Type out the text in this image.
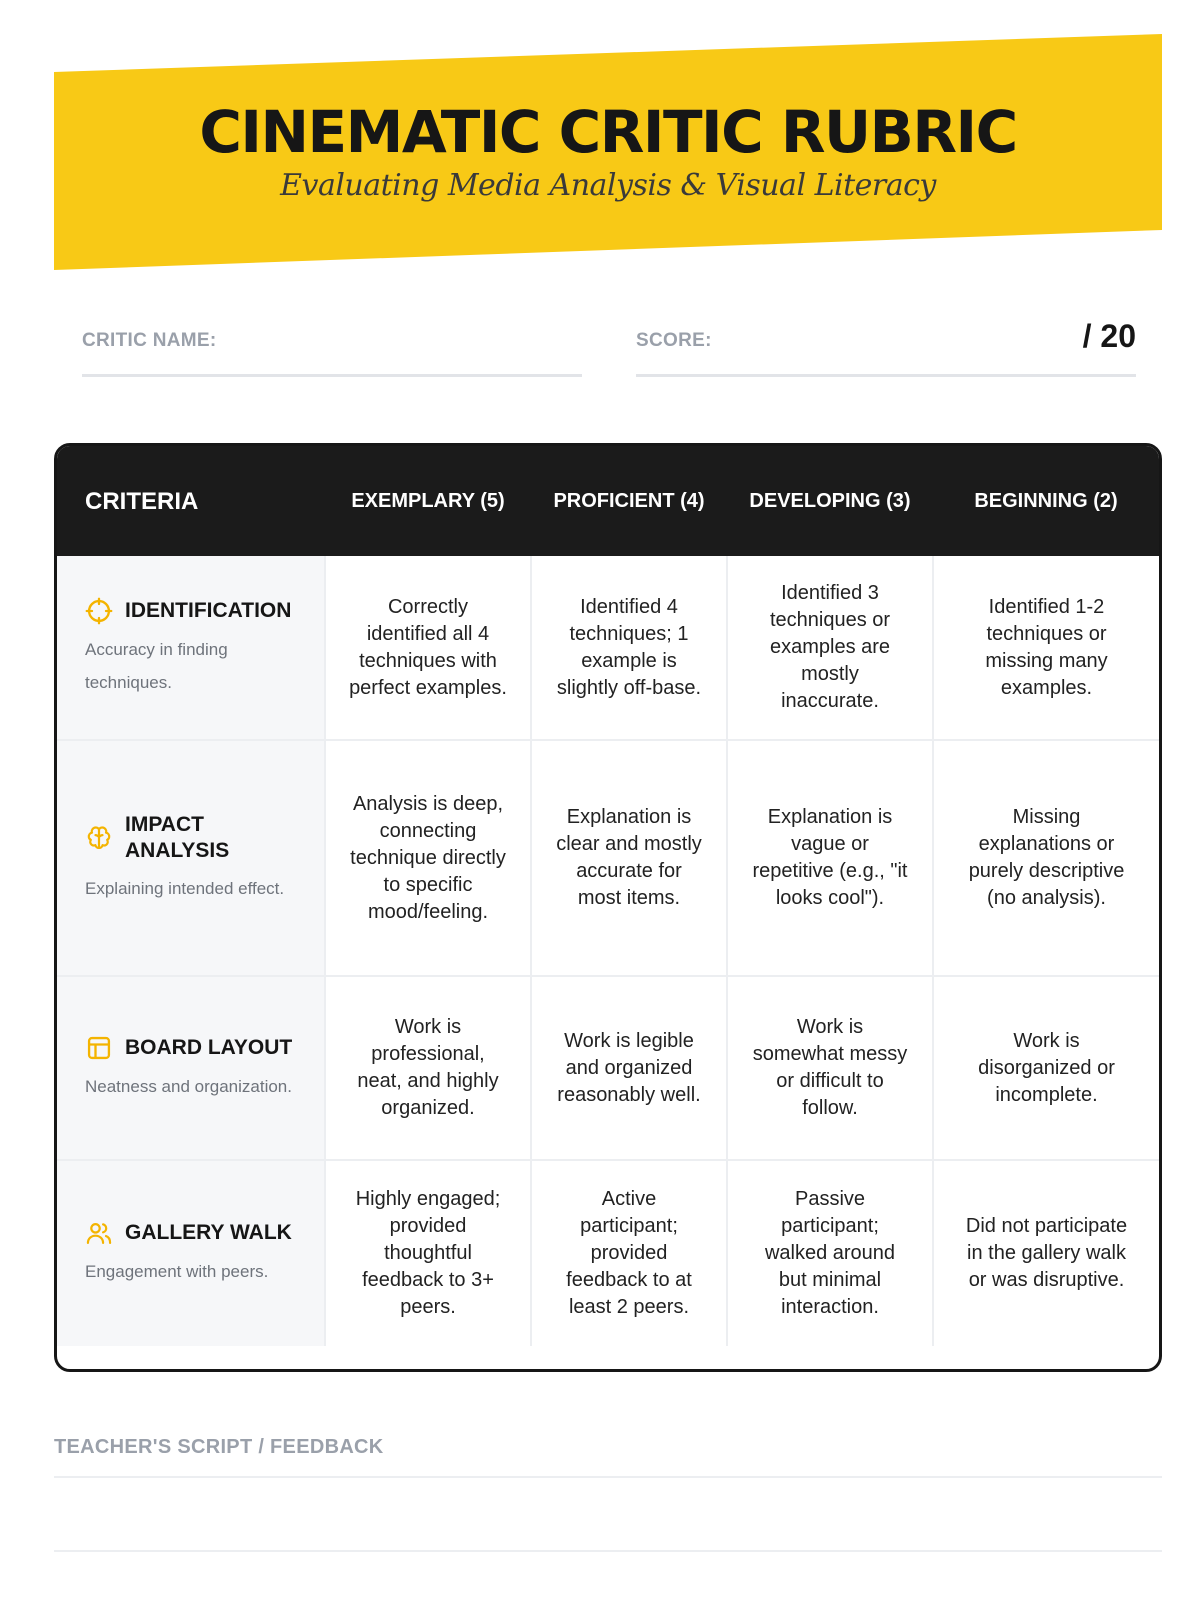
CINEMATIC CRITIC RUBRIC
Evaluating Media Analysis & Visual Literacy
CRITIC NAME:	SCORE:	/ 20
CRITERIA	EXEMPLARY (5)	PROFICIENT (4)	DEVELOPING (3)	BEGINNING (2)

IDENTIFICATION
Accuracy in finding techniques.	Correctly identified all 4 techniques with perfect examples.	Identified 4 techniques; 1 example is slightly off-base.	Identified 3 techniques or examples are mostly inaccurate.	Identified 1-2 techniques or missing many examples.

IMPACT ANALYSIS
Explaining intended effect.	Analysis is deep, connecting technique directly to specific mood/feeling.	Explanation is clear and mostly accurate for most items.	Explanation is vague or repetitive (e.g., "it looks cool").	Missing explanations or purely descriptive (no analysis).

BOARD LAYOUT
Neatness and organization.	Work is professional, neat, and highly organized.	Work is legible and organized reasonably well.	Work is somewhat messy or difficult to follow.	Work is disorganized or incomplete.

GALLERY WALK
Engagement with peers.	Highly engaged; provided thoughtful feedback to 3+ peers.	Active participant; provided feedback to at least 2 peers.	Passive participant; walked around but minimal interaction.	Did not participate in the gallery walk or was disruptive.
TEACHER'S SCRIPT / FEEDBACK
